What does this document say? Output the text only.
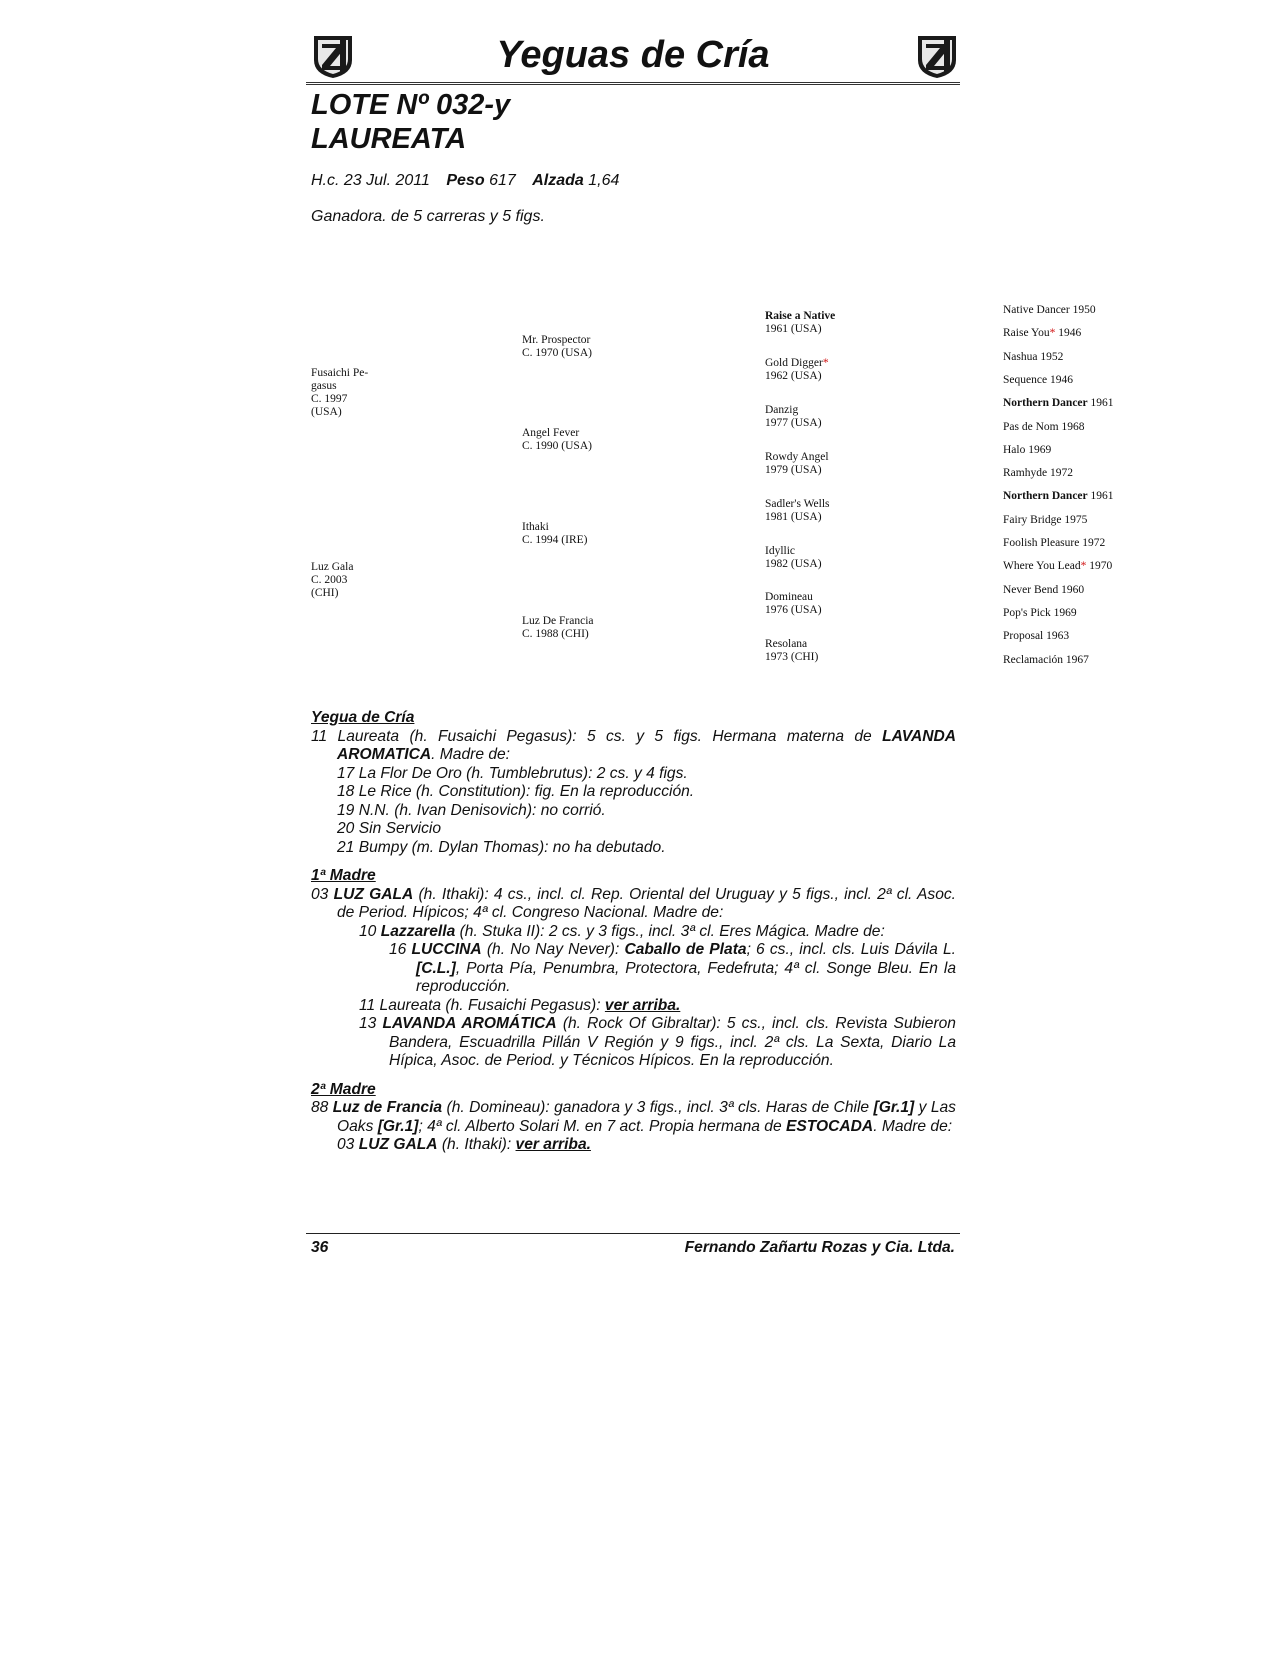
Yeguas de Cría
LOTE Nº 032-y
LAUREATA
H.c. 23 Jul. 2011 Peso 617 Alzada 1,64
Ganadora. de 5 carreras y 5 figs.
Fusaichi Pe-
gasus
C. 1997
(USA)
Luz Gala
C. 2003
(CHI)
Mr. Prospector
C. 1970 (USA)
Angel Fever
C. 1990 (USA)
Ithaki
C. 1994 (IRE)
Luz De Francia
C. 1988 (CHI)
Raise a Native
1961 (USA)
Gold Digger*
1962 (USA)
Danzig
1977 (USA)
Rowdy Angel
1979 (USA)
Sadler's Wells
1981 (USA)
Idyllic
1982 (USA)
Domineau
1976 (USA)
Resolana
1973 (CHI)
Native Dancer 1950
Raise You* 1946
Nashua 1952
Sequence 1946
Northern Dancer 1961
Pas de Nom 1968
Halo 1969
Ramhyde 1972
Northern Dancer 1961
Fairy Bridge 1975
Foolish Pleasure 1972
Where You Lead* 1970
Never Bend 1960
Pop's Pick 1969
Proposal 1963
Reclamación 1967

Yegua de Cría

11 Laureata (h. Fusaichi Pegasus): 5 cs. y 5 figs. Hermana materna de LAVANDA AROMATICA. Madre de:

17 La Flor De Oro (h. Tumblebrutus): 2 cs. y 4 figs.

18 Le Rice (h. Constitution): fig. En la reproducción.

19 N.N. (h. Ivan Denisovich): no corrió.

20 Sin Servicio

21 Bumpy (m. Dylan Thomas): no ha debutado.

1ª Madre

03 LUZ GALA (h. Ithaki): 4 cs., incl. cl. Rep. Oriental del Uruguay y 5 figs., incl. 2ª cl. Asoc. de Period. Hípicos; 4ª cl. Congreso Nacional. Madre de:

10 Lazzarella (h. Stuka II): 2 cs. y 3 figs., incl. 3ª cl. Eres Mágica. Madre de:

16 LUCCINA (h. No Nay Never): Caballo de Plata; 6 cs., incl. cls. Luis Dávila L. [C.L.], Porta Pía, Penumbra, Protectora, Fedefruta; 4ª cl. Songe Bleu. En la reproducción.

11 Laureata (h. Fusaichi Pegasus): ver arriba.

13 LAVANDA AROMÁTICA (h. Rock Of Gibraltar): 5 cs., incl. cls. Revista Subieron Bandera, Escuadrilla Pillán V Región y 9 figs., incl. 2ª cls. La Sexta, Diario La Hípica, Asoc. de Period. y Técnicos Hípicos. En la reproducción.

2ª Madre

88 Luz de Francia (h. Domineau): ganadora y 3 figs., incl. 3ª cls. Haras de Chile [Gr.1] y Las Oaks [Gr.1]; 4ª cl. Alberto Solari M. en 7 act. Propia hermana de ESTOCADA. Madre de:

03 LUZ GALA (h. Ithaki): ver arriba.

36	Fernando Zañartu Rozas y Cia. Ltda.
